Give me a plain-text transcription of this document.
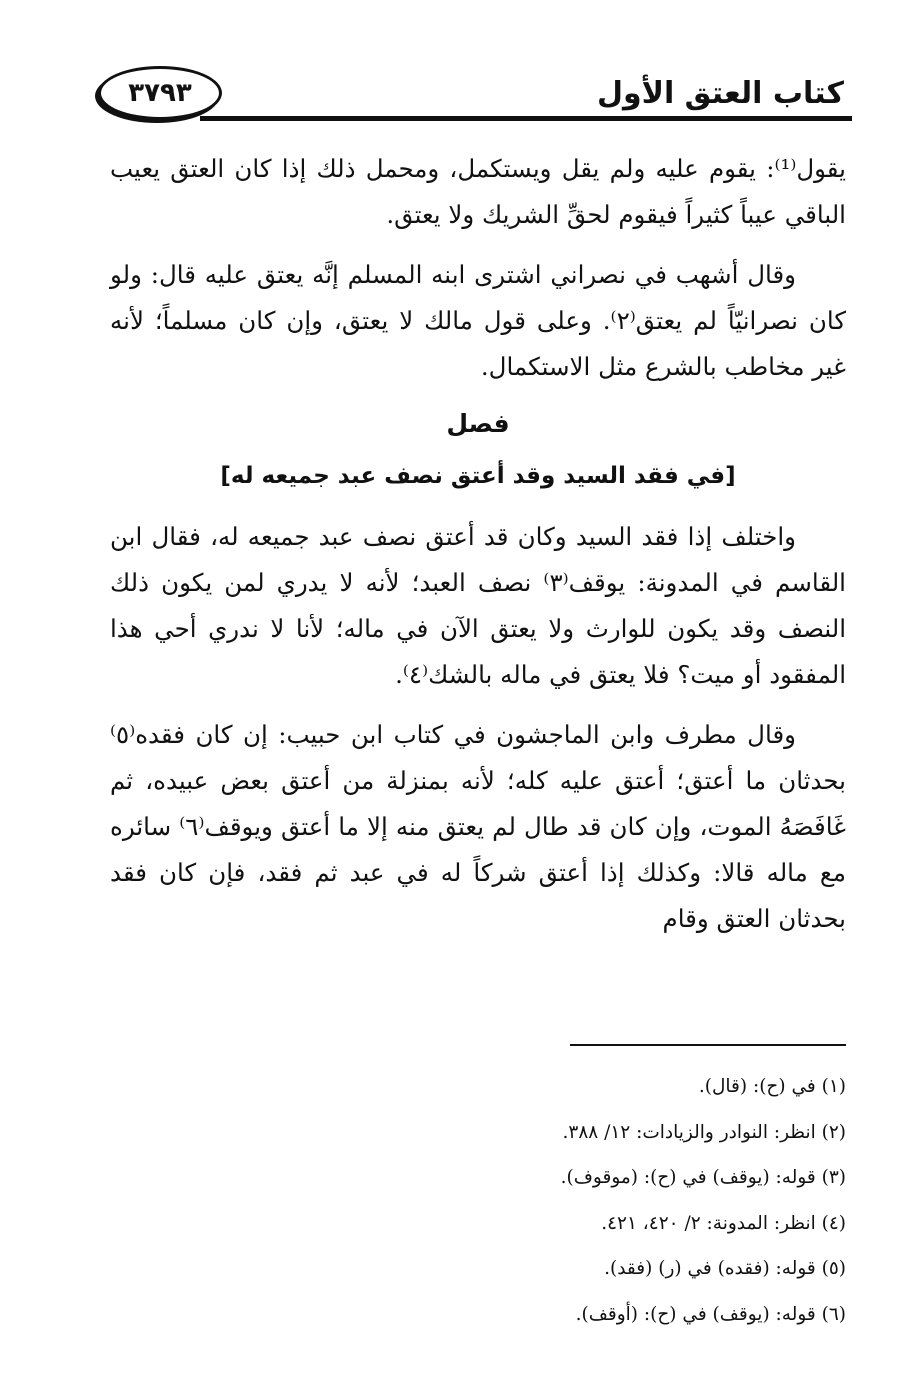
كتاب العتق الأول
٣٧٩٣

يقول⁽¹⁾: يقوم عليه ولم يقل ويستكمل، ومحمل ذلك إذا كان العتق يعيب الباقي عيباً كثيراً فيقوم لحقِّ الشريك ولا يعتق.

وقال أشهب في نصراني اشترى ابنه المسلم إنَّه يعتق عليه قال: ولو كان نصرانيّاً لم يعتق⁽٢⁾. وعلى قول مالك لا يعتق، وإن كان مسلماً؛ لأنه غير مخاطب بالشرع مثل الاستكمال.

فصل
[في فقد السيد وقد أعتق نصف عبد جميعه له]

واختلف إذا فقد السيد وكان قد أعتق نصف عبد جميعه له، فقال ابن القاسم في المدونة: يوقف⁽٣⁾ نصف العبد؛ لأنه لا يدري لمن يكون ذلك النصف وقد يكون للوارث ولا يعتق الآن في ماله؛ لأنا لا ندري أحي هذا المفقود أو ميت؟ فلا يعتق في ماله بالشك⁽٤⁾.

وقال مطرف وابن الماجشون في كتاب ابن حبيب: إن كان فقده⁽٥⁾ بحدثان ما أعتق؛ أعتق عليه كله؛ لأنه بمنزلة من أعتق بعض عبيده، ثم غَافَصَهُ الموت، وإن كان قد طال لم يعتق منه إلا ما أعتق ويوقف⁽٦⁾ سائره مع ماله قالا: وكذلك إذا أعتق شركاً له في عبد ثم فقد، فإن كان فقد بحدثان العتق وقام

(١) في (ح): (قال).

(٢) انظر: النوادر والزيادات: ١٢/ ٣٨٨.

(٣) قوله: (يوقف) في (ح): (موقوف).

(٤) انظر: المدونة: ٢/ ٤٢٠، ٤٢١.

(٥) قوله: (فقده) في (ر) (فقد).

(٦) قوله: (يوقف) في (ح): (أوقف).
